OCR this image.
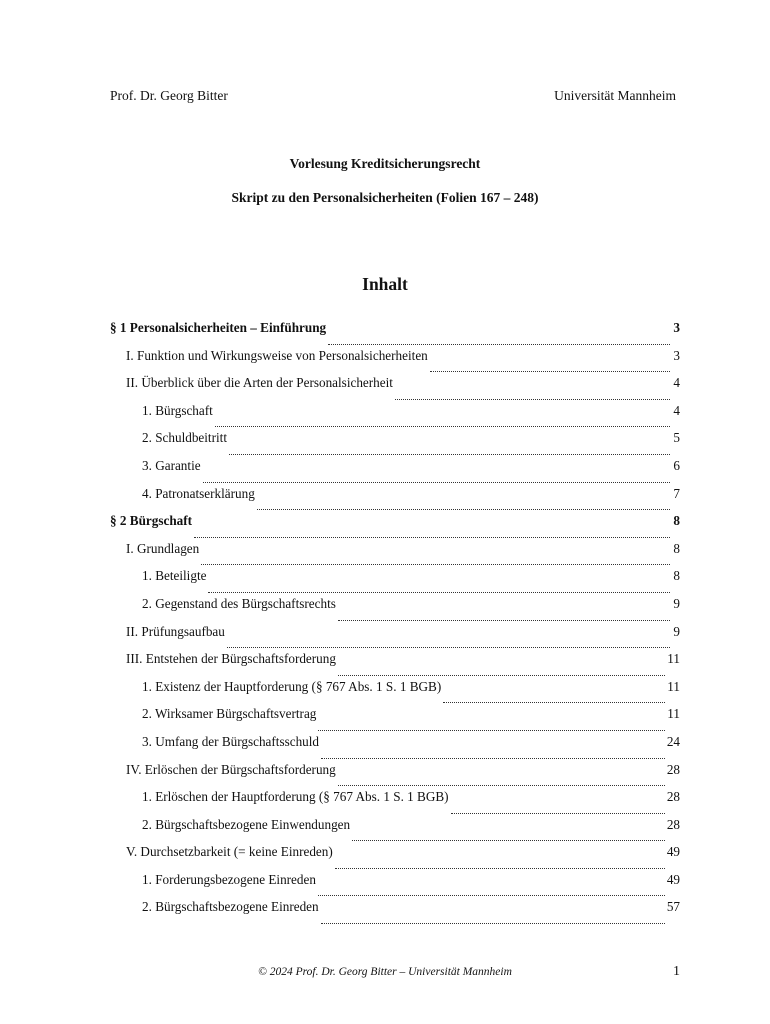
Prof. Dr. Georg Bitter	Universität Mannheim
Vorlesung Kreditsicherungsrecht
Skript zu den Personalsicherheiten (Folien 167 – 248)
Inhalt
§ 1 Personalsicherheiten – Einführung	3
I. Funktion und Wirkungsweise von Personalsicherheiten	3
II. Überblick über die Arten der Personalsicherheit	4
1. Bürgschaft	4
2. Schuldbeitritt	5
3. Garantie	6
4. Patronatserklärung	7
§ 2 Bürgschaft	8
I. Grundlagen	8
1. Beteiligte	8
2. Gegenstand des Bürgschaftsrechts	9
II. Prüfungsaufbau	9
III. Entstehen der Bürgschaftsforderung	11
1. Existenz der Hauptforderung (§ 767 Abs. 1 S. 1 BGB)	11
2. Wirksamer Bürgschaftsvertrag	11
3. Umfang der Bürgschaftsschuld	24
IV. Erlöschen der Bürgschaftsforderung	28
1. Erlöschen der Hauptforderung (§ 767 Abs. 1 S. 1 BGB)	28
2. Bürgschaftsbezogene Einwendungen	28
V. Durchsetzbarkeit (= keine Einreden)	49
1. Forderungsbezogene Einreden	49
2. Bürgschaftsbezogene Einreden	57
© 2024 Prof. Dr. Georg Bitter – Universität Mannheim	1
